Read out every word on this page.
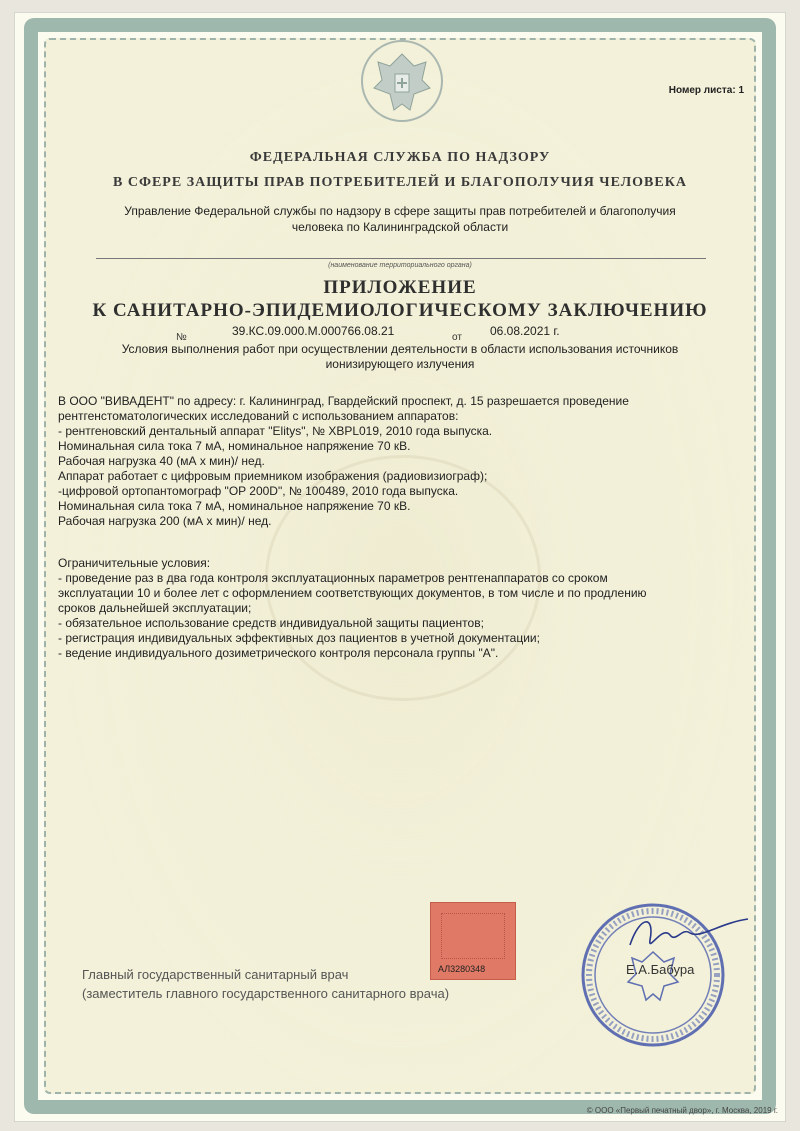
Номер листа: 1
ФЕДЕРАЛЬНАЯ СЛУЖБА ПО НАДЗОРУ
В СФЕРЕ ЗАЩИТЫ ПРАВ ПОТРЕБИТЕЛЕЙ И БЛАГОПОЛУЧИЯ ЧЕЛОВЕКА
Управление Федеральной службы по надзору в сфере защиты прав потребителей и благополучия
человека по Калининградской области
(наименование территориального органа)
ПРИЛОЖЕНИЕ
К САНИТАРНО-ЭПИДЕМИОЛОГИЧЕСКОМУ ЗАКЛЮЧЕНИЮ
№	39.КС.09.000.М.000766.08.21	от 06.08.2021 г.
Условия выполнения работ при осуществлении деятельности в области использования источников
ионизирующего излучения
В ООО "ВИВАДЕНТ" по адресу: г. Калининград, Гвардейский проспект, д. 15 разрешается проведение
рентгенстоматологических исследований с использованием аппаратов:
- рентгеновский дентальный аппарат "Elitys", № XBPL019, 2010 года выпуска.
Номинальная сила тока 7 мА, номинальное напряжение 70 кВ.
Рабочая нагрузка 40 (мА х мин)/ нед.
Аппарат работает с цифровым приемником изображения (радиовизиограф);
-цифровой ортопантомограф "OP 200D", № 100489, 2010 года выпуска.
Номинальная сила тока 7 мА, номинальное напряжение 70 кВ.
Рабочая нагрузка 200 (мА х мин)/ нед.
Ограничительные условия:
- проведение раз в два года контроля эксплуатационных параметров рентгенаппаратов со сроком
эксплуатации 10 и более лет с оформлением соответствующих документов, в том числе и по продлению
сроков дальнейшей эксплуатации;
- обязательное использование средств индивидуальной защиты пациентов;
- регистрация индивидуальных эффективных доз пациентов в учетной документации;
- ведение индивидуального дозиметрического контроля персонала группы "А".
АЛ3280348
Главный государственный санитарный врач
(заместитель главного государственного санитарного врача)
Е.А.Бабура
© ООО «Первый печатный двор», г. Москва, 2019 г.
